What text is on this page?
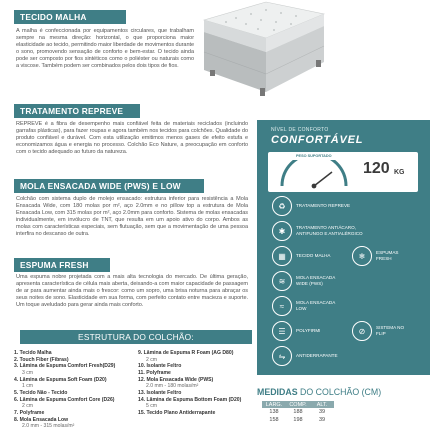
TECIDO MALHA
A malha é confeccionada por equipamentos circulares, que trabalham sempre na mesma direção: horizontal, o que proporciona maior elasticidade ao tecido, permitindo maior liberdade de movimentos durante o sono, promovendo sensação de conforto e bem-estar. O tecido ainda pode ser composto por fios sintéticos como o poliéster ou naturais como a viscose. Também podem ser combinados pelos dois tipos de fios.
TRATAMENTO REPREVE
REPREVE é a fibra de desempenho mais confiável feita de materiais reciclados (incluindo garrafas plásticas), para fazer roupas e agora também nos tecidos para colchões. Qualidade do produto confiável e durável. Com esta utilização emitimos menos gases de efeito estufa e economizamos água e energia no processo. Colchão Eco Nature, a preocupação em conforto com o tecido adequado ao futuro da natureza.
MOLA ENSACADA WIDE (PWS) E LOW
Colchão com sistema duplo de molejo ensacado: estrutura inferior para resistência a Mola Ensacada Wide, com 180 molas por m², aço 2.0mm e no pillow top a estrutura de Mola Ensacada Low, com 315 molas por m², aço 2.0mm para conforto. Sistema de molas ensacadas individualmente, em invólucro de TNT, que resulta em um apoio ativo do corpo. Ambos as molas com características especiais, sem flutuação, sem que a movimentação de uma pessoa interfira no descanso de outra.
ESPUMA FRESH
Uma espuma nobre projetada com a mais alta tecnologia do mercado. De última geração, apresenta característica de célula mais aberta, deixando-a com maior capacidade de passagem de ar para aumentar ainda mais o frescor: como um sopro, uma brisa noturna para abraçar os seus noites de sono. Elasticidade em sua forma, com perfeito contato entre macieza e suporte. Um toque aveludado para gerar ainda mais conforto.
NÍVEL DE CONFORTO
CONFORTÁVEL
PESO SUPORTADO
120 KG
♻	TRATAMENTO REPREVE
✱	TRATAMENTO ANTIÁCARO, ANTIFUNGO E ANTIALÉRGICO
▦	TECIDO MALHA	❄	ESPUMAS FRESH
≋	MOLA ENSACADA WIDE (PWS)
≈	MOLA ENSACADA LOW
☰	POLYFIRMI	⊘	SISTEMA NO FLIP
⇋	ANTIDERRAPANTE
MEDIDAS DO COLCHÃO (CM)
LARG.	COMP.	ALT.
138	188	39
158	198	39
ESTRUTURA DO COLCHÃO:
1. Tecido Malha
2. Touch Fiber (Fibras)
3. Lâmina de Espuma Comfort Fresh(D29)
3 cm
4. Lâmina de Espuma Soft Foam (D20)
1 cm
5. Tecido Não - Tecido
6. Lâmina de Espuma Comfort Core (D26)
2 cm
7. Polyframe
8. Mola Ensacada Low
2.0 mm - 315 molas/m²
9. Lâmina de Espuma R Foam (AG D80)
2 cm
10. Isolante Feltro
11. Polyframe
12. Mola Ensacada Wide (PWS)
2.0 mm - 180 molas/m²
13. Isolante Feltro
14. Lâmina de Espuma Bottom Foam (D20)
5 cm
15. Tecido Plano Antiderrapante
